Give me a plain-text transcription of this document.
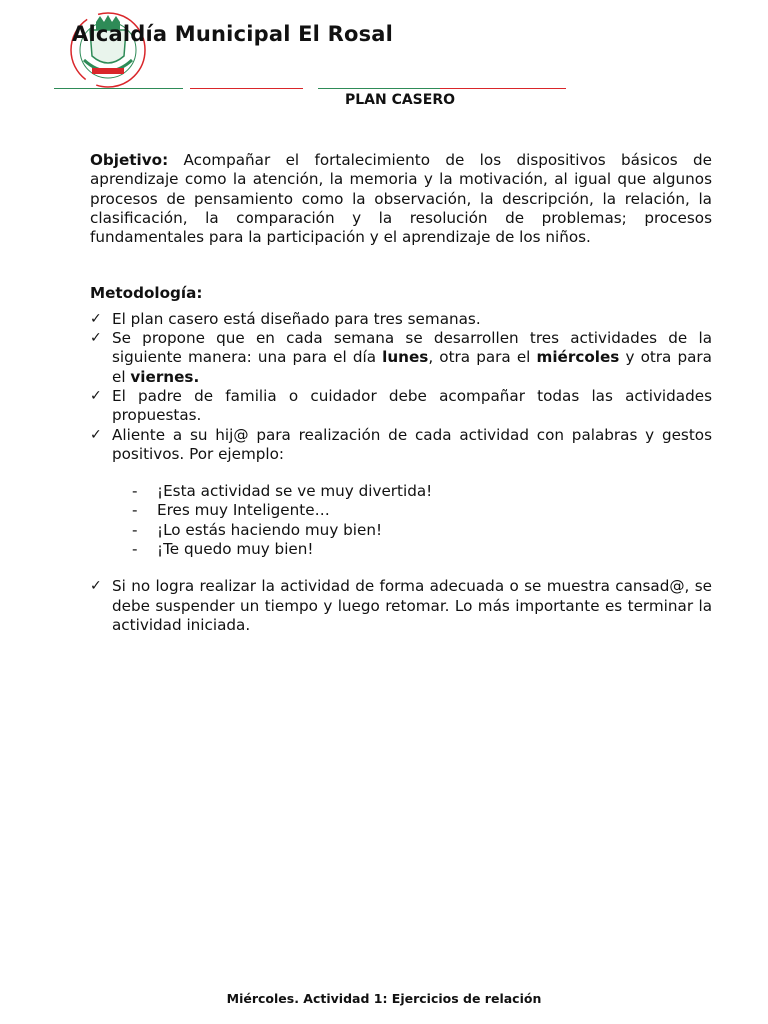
Alcaldía Municipal El Rosal
PLAN CASERO

Objetivo: Acompañar el fortalecimiento de los dispositivos básicos de aprendizaje como la atención, la memoria y la motivación, al igual que algunos procesos de pensamiento como la observación, la descripción, la relación, la clasificación, la comparación y la resolución de problemas; procesos fundamentales para la participación y el aprendizaje de los niños.

Metodología:
✓ El plan casero está diseñado para tres semanas.
✓ Se propone que en cada semana se desarrollen tres actividades de la siguiente manera: una para el día lunes, otra para el miércoles y otra para el viernes.
✓ El padre de familia o cuidador debe acompañar todas las actividades propuestas.
✓ Aliente a su hij@ para realización de cada actividad con palabras y gestos positivos. Por ejemplo:
- ¡Esta actividad se ve muy divertida!
- Eres muy Inteligente…
- ¡Lo estás haciendo muy bien!
- ¡Te quedo muy bien!
✓ Si no logra realizar la actividad de forma adecuada o se muestra cansad@, se debe suspender un tiempo y luego retomar. Lo más importante es terminar la actividad iniciada.
Miércoles. Actividad 1: Ejercicios de relación
